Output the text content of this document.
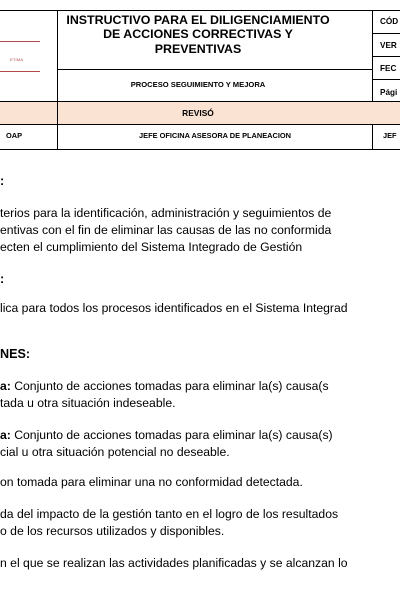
ETIMA
INSTRUCTIVO PARA EL DILIGENCIAMIENTO
DE ACCIONES CORRECTIVAS Y
PREVENTIVAS
PROCESO SEGUIMIENTO Y MEJORA
CÓD
VER
FEC
Pági
REVISÓ
OAP	JEFE OFICINA ASESORA DE PLANEACION	JEF
:
terios para la identificación, administración y seguimientos de
entivas con el fin de eliminar las causas de las no conformida
ecten el cumplimiento del Sistema Integrado de Gestión
:
lica para todos los procesos identificados en el Sistema Integrad
NES:
a: Conjunto de acciones tomadas para eliminar la(s) causa(s
tada u otra situación indeseable.
a: Conjunto de acciones tomadas para eliminar la(s) causa(s)
cial u otra situación potencial no deseable.
on tomada para eliminar una no conformidad detectada.
da del impacto de la gestión tanto en el logro de los resultados
o de los recursos utilizados y disponibles.
n el que se realizan las actividades planificadas y se alcanzan lo
